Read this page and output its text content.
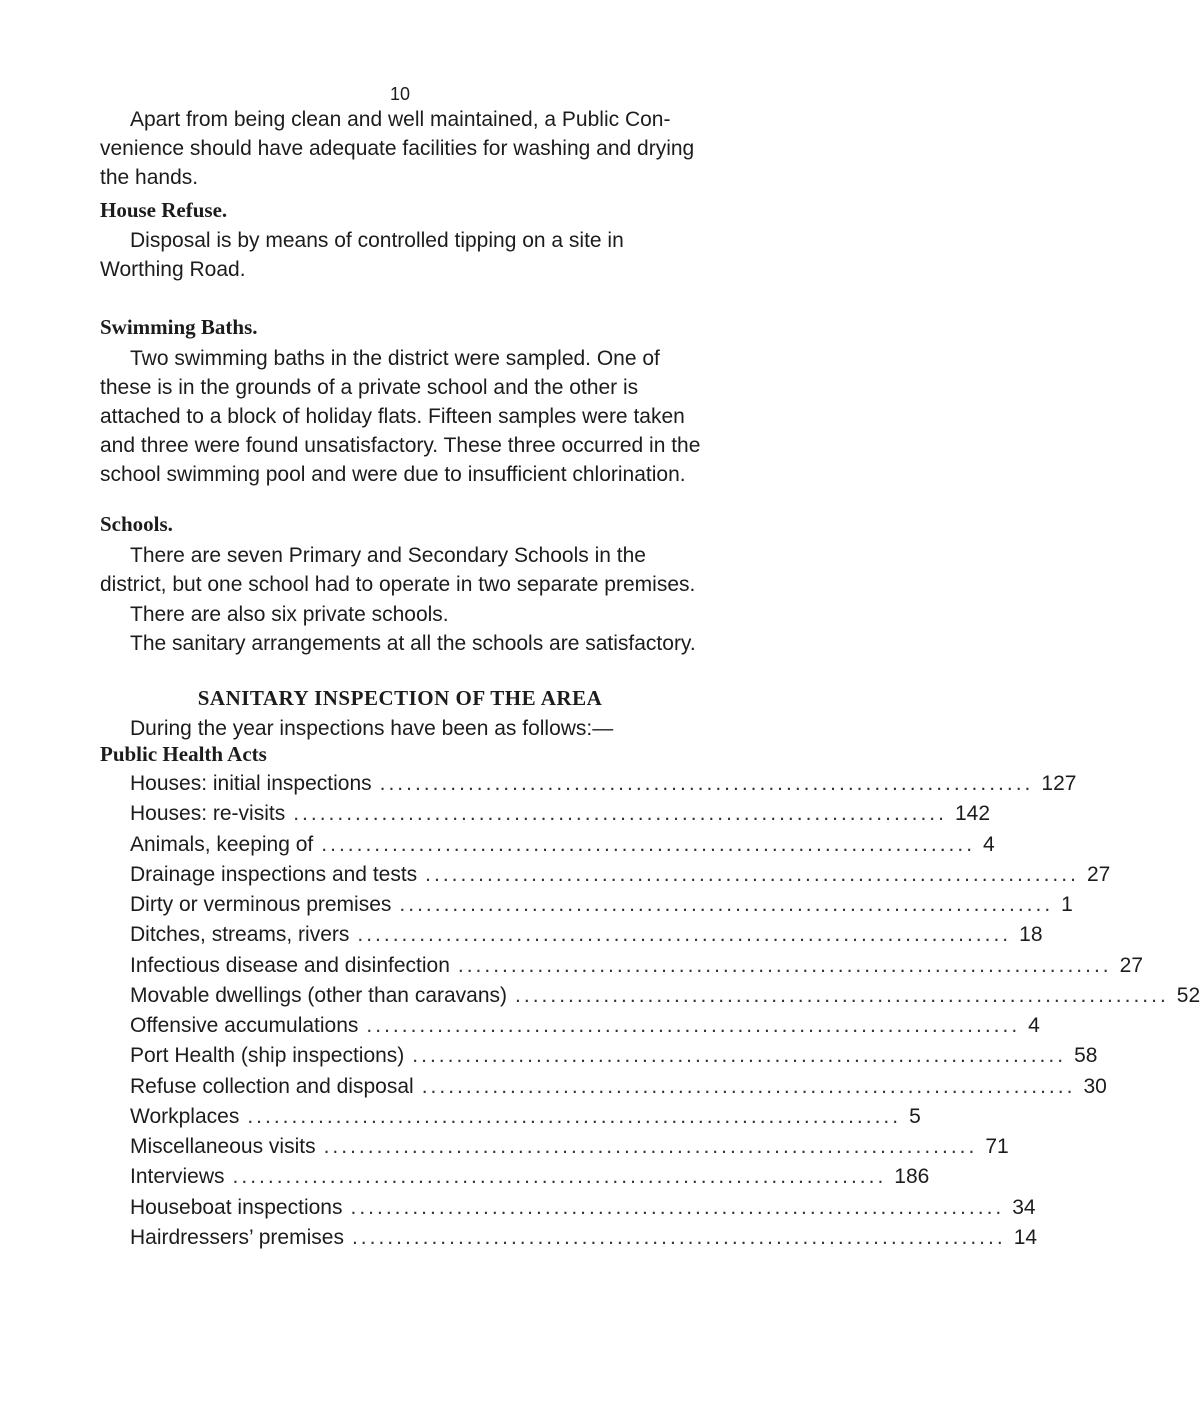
10

Apart from being clean and well maintained, a Public Con-venience should have adequate facilities for washing and drying the hands.

House Refuse.

Disposal is by means of controlled tipping on a site in Worthing Road.

Swimming Baths.

Two swimming baths in the district were sampled. One of these is in the grounds of a private school and the other is attached to a block of holiday flats. Fifteen samples were taken and three were found unsatisfactory. These three occurred in the school swimming pool and were due to insufficient chlorination.

Schools.

There are seven Primary and Secondary Schools in the district, but one school had to operate in two separate premises.

There are also six private schools.

The sanitary arrangements at all the schools are satisfactory.

SANITARY INSPECTION OF THE AREA

During the year inspections have been as follows:—

Public Health Acts
Houses: initial inspections .......................................................................... 127
Houses: re-visits .......................................................................... 142
Animals, keeping of .......................................................................... 4
Drainage inspections and tests .......................................................................... 27
Dirty or verminous premises .......................................................................... 1
Ditches, streams, rivers .......................................................................... 18
Infectious disease and disinfection .......................................................................... 27
Movable dwellings (other than caravans) .......................................................................... 52
Offensive accumulations .......................................................................... 4
Port Health (ship inspections) .......................................................................... 58
Refuse collection and disposal .......................................................................... 30
Workplaces .......................................................................... 5
Miscellaneous visits .......................................................................... 71
Interviews .......................................................................... 186
Houseboat inspections .......................................................................... 34
Hairdressers’ premises .......................................................................... 14
